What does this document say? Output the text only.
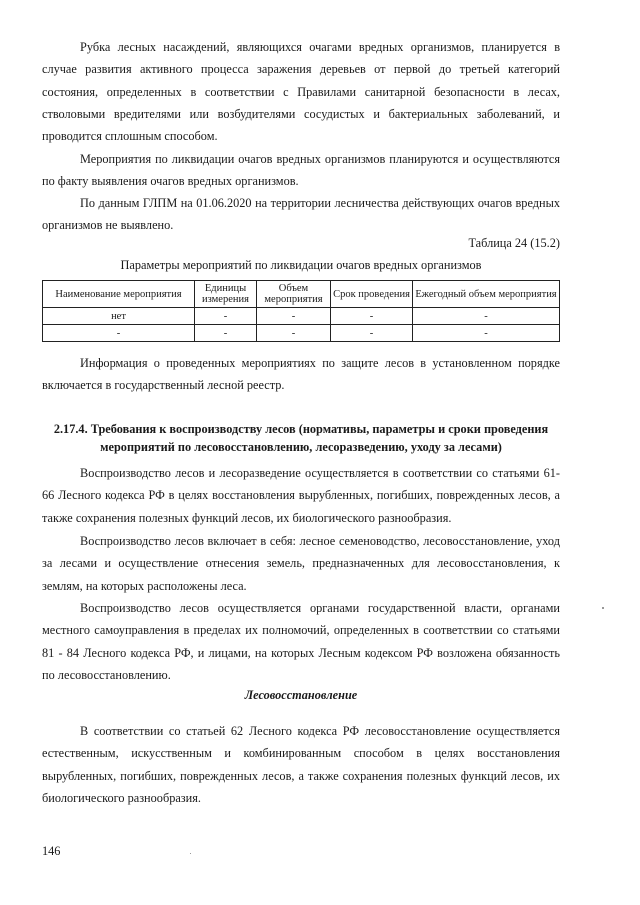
Рубка лесных насаждений, являющихся очагами вредных организмов, планируется в случае развития активного процесса заражения деревьев от первой до третьей категорий состояния, определенных в соответствии с Правилами санитарной безопасности в лесах, стволовыми вредителями или возбудителями сосудистых и бактериальных заболеваний, и проводится сплошным способом.
Мероприятия по ликвидации очагов вредных организмов планируются и осуществляются по факту выявления очагов вредных организмов.
По данным ГЛПМ на 01.06.2020 на территории лесничества действующих очагов вредных организмов не выявлено.
Таблица 24 (15.2)
Параметры мероприятий по ликвидации очагов вредных организмов
Наименование мероприятия	Единицы измерения	Объем мероприятия	Срок проведения	Ежегодный объем мероприятия
нет	-	-	-	-
-	-	-	-	-
Информация о проведенных мероприятиях по защите лесов в установленном порядке включается в государственный лесной реестр.
2.17.4. Требования к воспроизводству лесов (нормативы, параметры и сроки проведения мероприятий по лесовосстановлению, лесоразведению, уходу за лесами)
Воспроизводство лесов и лесоразведение осуществляется в соответствии со статьями 61-66 Лесного кодекса РФ в целях восстановления вырубленных, погибших, поврежденных лесов, а также сохранения полезных функций лесов, их биологического разнообразия.
Воспроизводство лесов включает в себя: лесное семеноводство, лесовосстановление, уход за лесами и осуществление отнесения земель, предназначенных для лесовосстановления, к землям, на которых расположены леса.
Воспроизводство лесов осуществляется органами государственной власти, органами местного самоуправления в пределах их полномочий, определенных в соответствии со статьями 81 - 84 Лесного кодекса РФ, и лицами, на которых Лесным кодексом РФ возложена обязанность по лесовосстановлению.
Лесовосстановление
В соответствии со статьей 62 Лесного кодекса РФ лесовосстановление осуществляется естественным, искусственным и комбинированным способом в целях восстановления вырубленных, погибших, поврежденных лесов, а также сохранения полезных функций лесов, их биологического разнообразия.
146
